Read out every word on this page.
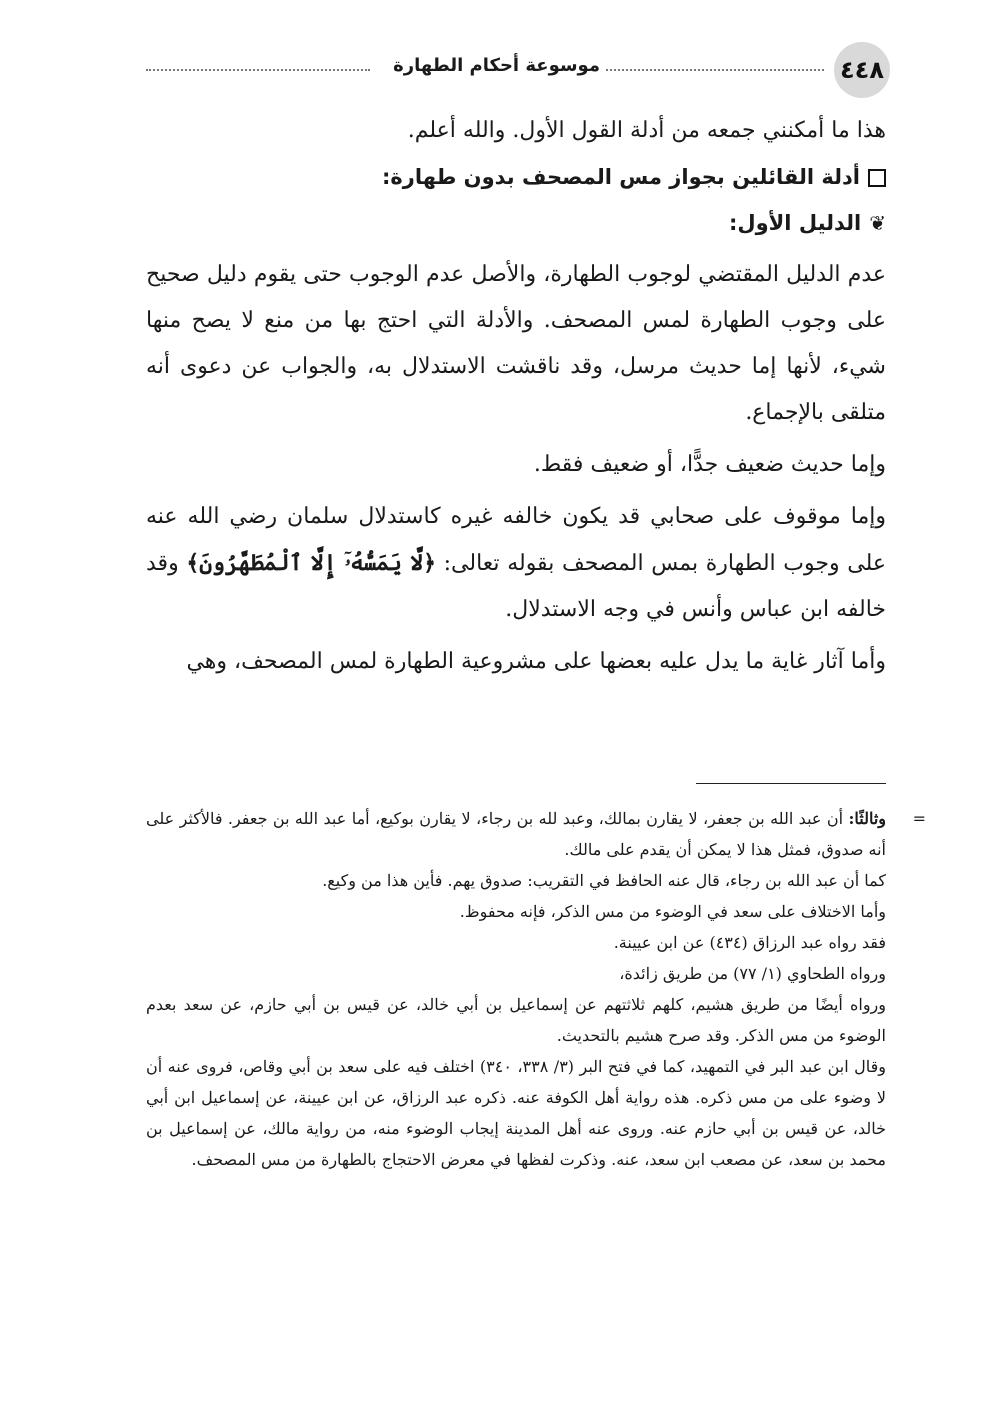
٤٤٨
موسوعة أحكام الطهارة

هذا ما أمكنني جمعه من أدلة القول الأول. والله أعلم.

أدلة القائلين بجواز مس المصحف بدون طهارة:
❦الدليل الأول:

عدم الدليل المقتضي لوجوب الطهارة، والأصل عدم الوجوب حتى يقوم دليل صحيح على وجوب الطهارة لمس المصحف. والأدلة التي احتج بها من منع لا يصح منها شيء، لأنها إما حديث مرسل، وقد ناقشت الاستدلال به، والجواب عن دعوى أنه متلقى بالإجماع.

وإما حديث ضعيف جدًّا، أو ضعيف فقط.

وإما موقوف على صحابي قد يكون خالفه غيره كاستدلال سلمان رضي الله عنه على وجوب الطهارة بمس المصحف بقوله تعالى: ﴿لَّا يَمَسُّهُۥٓ إِلَّا ٱلْمُطَهَّرُونَ﴾ وقد خالفه ابن عباس وأنس في وجه الاستدلال.

وأما آثار غاية ما يدل عليه بعضها على مشروعية الطهارة لمس المصحف، وهي

=

وثالثًا: أن عبد الله بن جعفر، لا يقارن بمالك، وعبد لله بن رجاء، لا يقارن بوكيع، أما عبد الله بن جعفر. فالأكثر على أنه صدوق، فمثل هذا لا يمكن أن يقدم على مالك.

كما أن عبد الله بن رجاء، قال عنه الحافظ في التقريب: صدوق يهم. فأين هذا من وكيع.

وأما الاختلاف على سعد في الوضوء من مس الذكر، فإنه محفوظ.

فقد رواه عبد الرزاق (٤٣٤) عن ابن عيينة.

ورواه الطحاوي (١/ ٧٧) من طريق زائدة،

ورواه أيضًا من طريق هشيم، كلهم ثلاثتهم عن إسماعيل بن أبي خالد، عن قيس بن أبي حازم، عن سعد بعدم الوضوء من مس الذكر. وقد صرح هشيم بالتحديث.

وقال ابن عبد البر في التمهيد، كما في فتح البر (٣/ ٣٣٨، ٣٤٠) اختلف فيه على سعد بن أبي وقاص، فروى عنه أن لا وضوء على من مس ذكره. هذه رواية أهل الكوفة عنه. ذكره عبد الرزاق، عن ابن عيينة، عن إسماعيل ابن أبي خالد، عن قيس بن أبي حازم عنه. وروى عنه أهل المدينة إيجاب الوضوء منه، من رواية مالك، عن إسماعيل بن محمد بن سعد، عن مصعب ابن سعد، عنه. وذكرت لفظها في معرض الاحتجاج بالطهارة من مس المصحف.
